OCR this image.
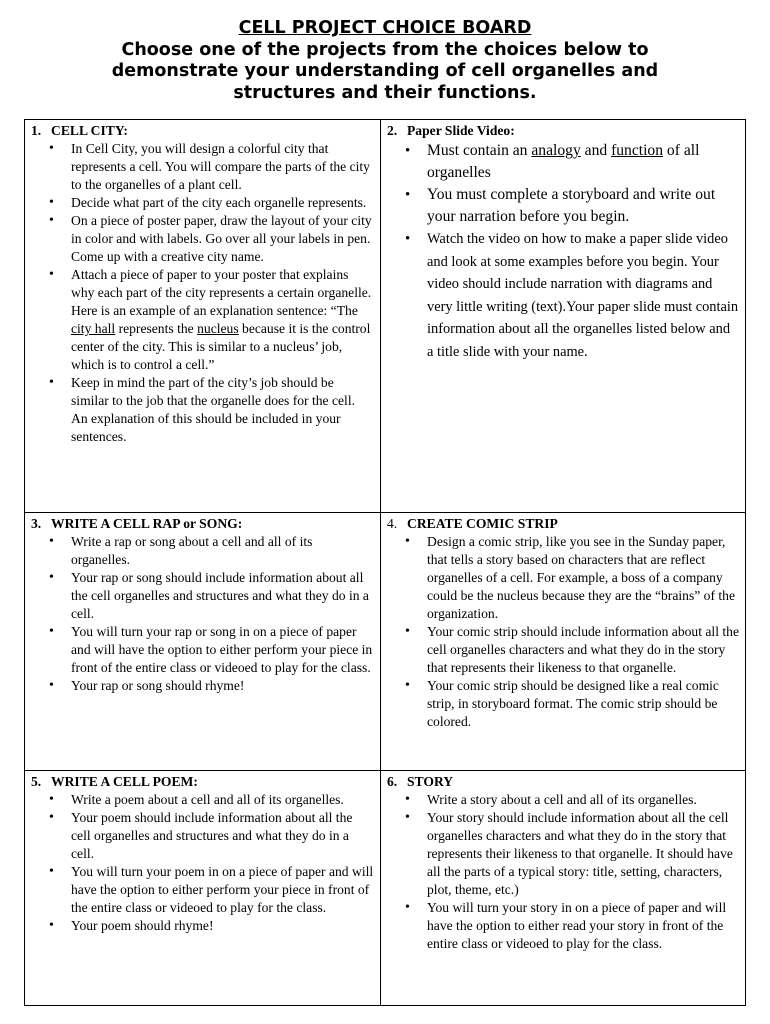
CELL PROJECT CHOICE BOARD
Choose one of the projects from the choices below to
demonstrate your understanding of cell organelles and
structures and their functions.
1. CELL CITY:
• In Cell City, you will design a colorful city that represents a cell. You will compare the parts of the city to the organelles of a plant cell.
• Decide what part of the city each organelle represents.
• On a piece of poster paper, draw the layout of your city in color and with labels. Go over all your labels in pen. Come up with a creative city name.
• Attach a piece of paper to your poster that explains why each part of the city represents a certain organelle. Here is an example of an explanation sentence: “The city hall represents the nucleus because it is the control center of the city. This is similar to a nucleus’ job, which is to control a cell.”
• Keep in mind the part of the city’s job should be similar to the job that the organelle does for the cell. An explanation of this should be included in your sentences.
2. Paper Slide Video:
• Must contain an analogy and function of all organelles
• You must complete a storyboard and write out your narration before you begin.
• Watch the video on how to make a paper slide video and look at some examples before you begin. Your video should include narration with diagrams and very little writing (text).Your paper slide must contain information about all the organelles listed below and a title slide with your name.
3. WRITE A CELL RAP or SONG:
• Write a rap or song about a cell and all of its organelles.
• Your rap or song should include information about all the cell organelles and structures and what they do in a cell.
• You will turn your rap or song in on a piece of paper and will have the option to either perform your piece in front of the entire class or videoed to play for the class.
• Your rap or song should rhyme!
4. CREATE COMIC STRIP
• Design a comic strip, like you see in the Sunday paper, that tells a story based on characters that are reflect organelles of a cell. For example, a boss of a company could be the nucleus because they are the “brains” of the organization.
• Your comic strip should include information about all the cell organelles characters and what they do in the story that represents their likeness to that organelle.
• Your comic strip should be designed like a real comic strip, in storyboard format. The comic strip should be colored.
5. WRITE A CELL POEM:
• Write a poem about a cell and all of its organelles.
• Your poem should include information about all the cell organelles and structures and what they do in a cell.
• You will turn your poem in on a piece of paper and will have the option to either perform your piece in front of the entire class or videoed to play for the class.
• Your poem should rhyme!
6. STORY
• Write a story about a cell and all of its organelles.
• Your story should include information about all the cell organelles characters and what they do in the story that represents their likeness to that organelle. It should have all the parts of a typical story: title, setting, characters, plot, theme, etc.)
• You will turn your story in on a piece of paper and will have the option to either read your story in front of the entire class or videoed to play for the class.
